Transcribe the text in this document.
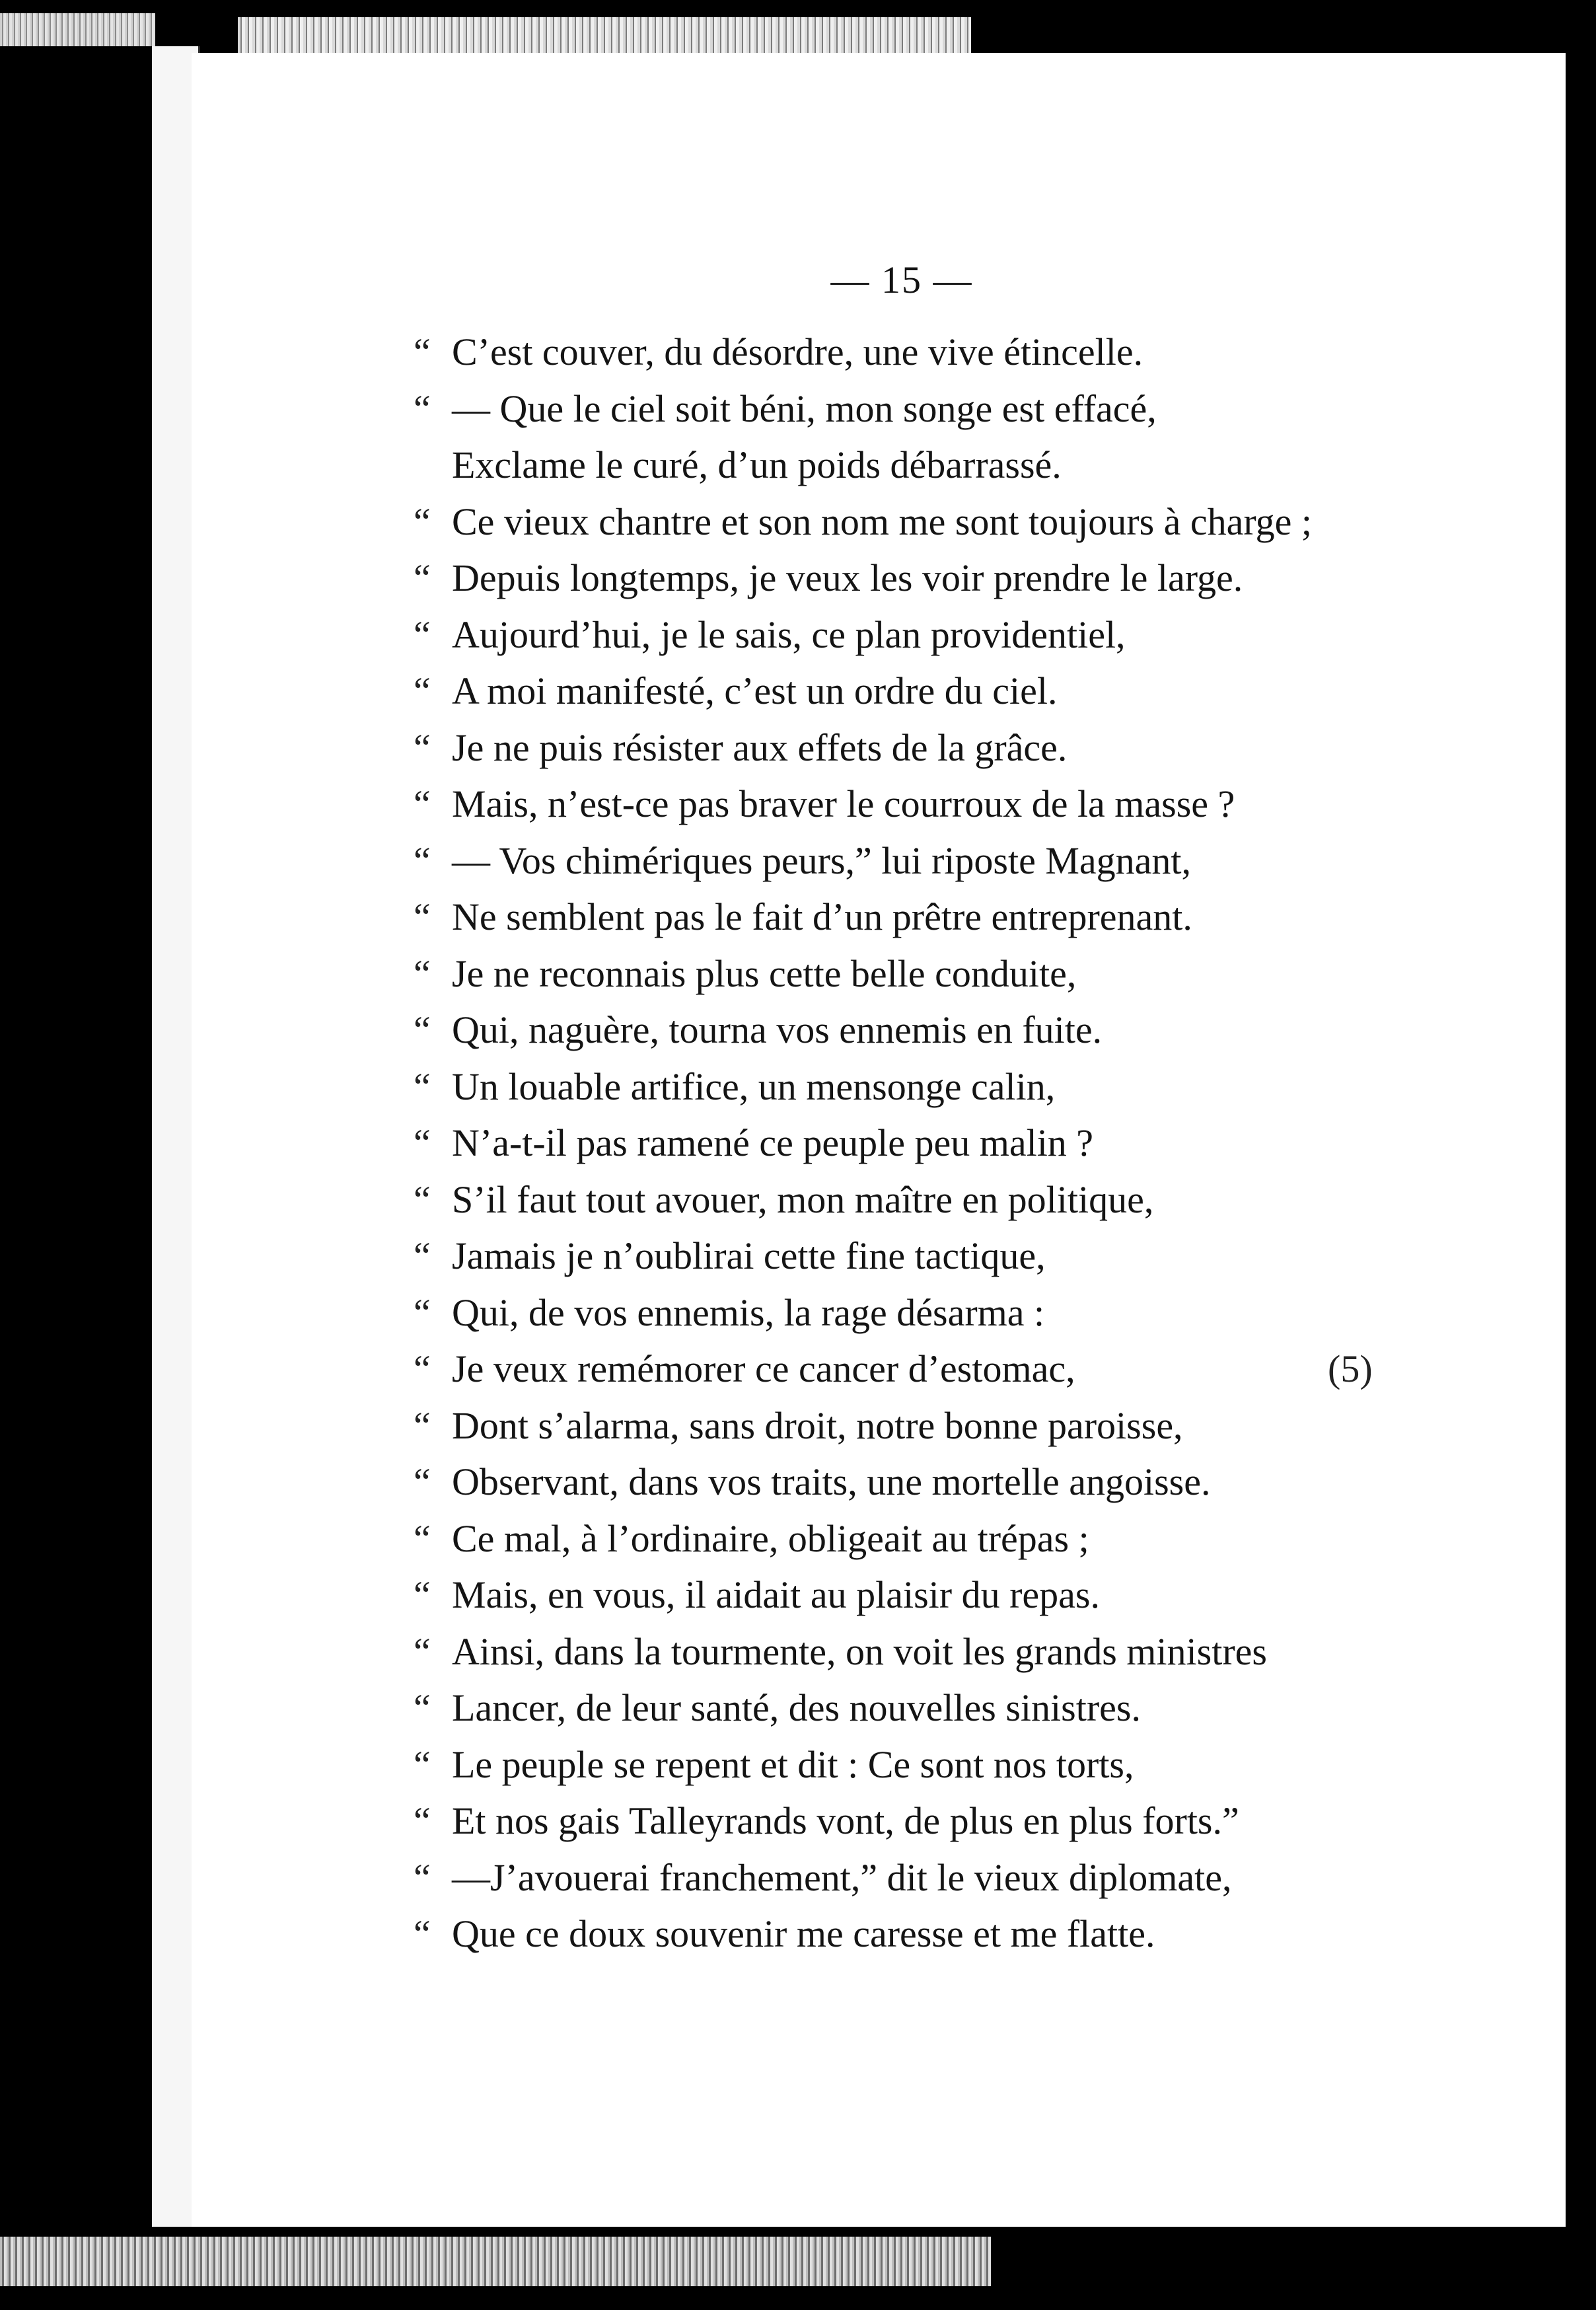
— 15 —
“ C’est couver, du désordre, une vive étincelle.
“ — Que le ciel soit béni, mon songe est effacé,
Exclame le curé, d’un poids débarrassé.
“ Ce vieux chantre et son nom me sont toujours à charge ;
“ Depuis longtemps, je veux les voir prendre le large.
“ Aujourd’hui, je le sais, ce plan providentiel,
“ A moi manifesté, c’est un ordre du ciel.
“ Je ne puis résister aux effets de la grâce.
“ Mais, n’est-ce pas braver le courroux de la masse ?
“ — Vos chimériques peurs,” lui riposte Magnant,
“ Ne semblent pas le fait d’un prêtre entreprenant.
“ Je ne reconnais plus cette belle conduite,
“ Qui, naguère, tourna vos ennemis en fuite.
“ Un louable artifice, un mensonge calin,
“ N’a-t-il pas ramené ce peuple peu malin ?
“ S’il faut tout avouer, mon maître en politique,
“ Jamais je n’oublirai cette fine tactique,
“ Qui, de vos ennemis, la rage désarma :
“ Je veux remémorer ce cancer d’estomac,	(5)
“ Dont s’alarma, sans droit, notre bonne paroisse,
“ Observant, dans vos traits, une mortelle angoisse.
“ Ce mal, à l’ordinaire, obligeait au trépas ;
“ Mais, en vous, il aidait au plaisir du repas.
“ Ainsi, dans la tourmente, on voit les grands ministres
“ Lancer, de leur santé, des nouvelles sinistres.
“ Le peuple se repent et dit : Ce sont nos torts,
“ Et nos gais Talleyrands vont, de plus en plus forts.”
“ —J’avouerai franchement,” dit le vieux diplomate,
“ Que ce doux souvenir me caresse et me flatte.
